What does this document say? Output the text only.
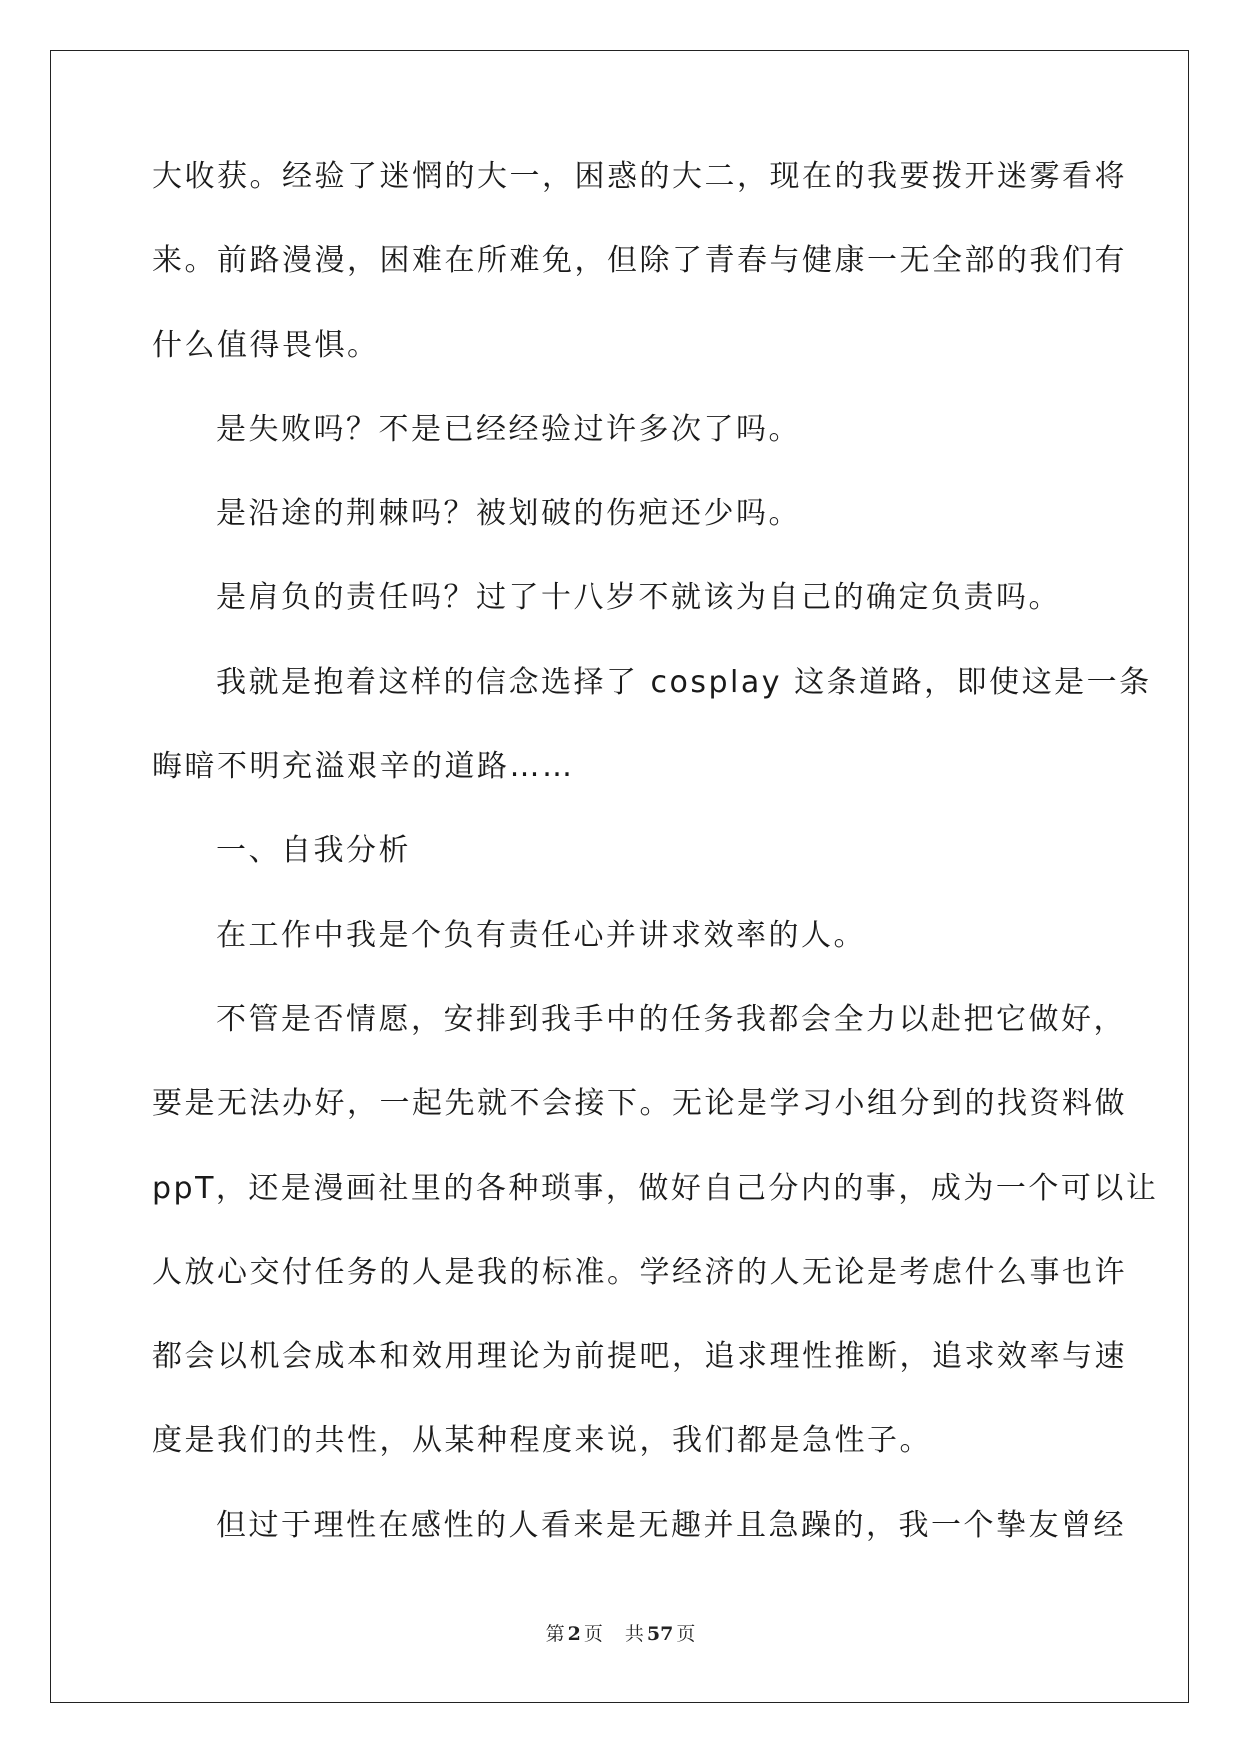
大收获。经验了迷惘的大一，困惑的大二，现在的我要拨开迷雾看将
来。前路漫漫，困难在所难免，但除了青春与健康一无全部的我们有
什么值得畏惧。
是失败吗？不是已经经验过许多次了吗。
是沿途的荆棘吗？被划破的伤疤还少吗。
是肩负的责任吗？过了十八岁不就该为自己的确定负责吗。
我就是抱着这样的信念选择了 cosplay 这条道路，即使这是一条
晦暗不明充溢艰辛的道路……
一、自我分析
在工作中我是个负有责任心并讲求效率的人。
不管是否情愿，安排到我手中的任务我都会全力以赴把它做好，
要是无法办好，一起先就不会接下。无论是学习小组分到的找资料做
ppT，还是漫画社里的各种琐事，做好自己分内的事，成为一个可以让
人放心交付任务的人是我的标准。学经济的人无论是考虑什么事也许
都会以机会成本和效用理论为前提吧，追求理性推断，追求效率与速
度是我们的共性，从某种程度来说，我们都是急性子。
但过于理性在感性的人看来是无趣并且急躁的，我一个挚友曾经
第 2 页 共 57 页
